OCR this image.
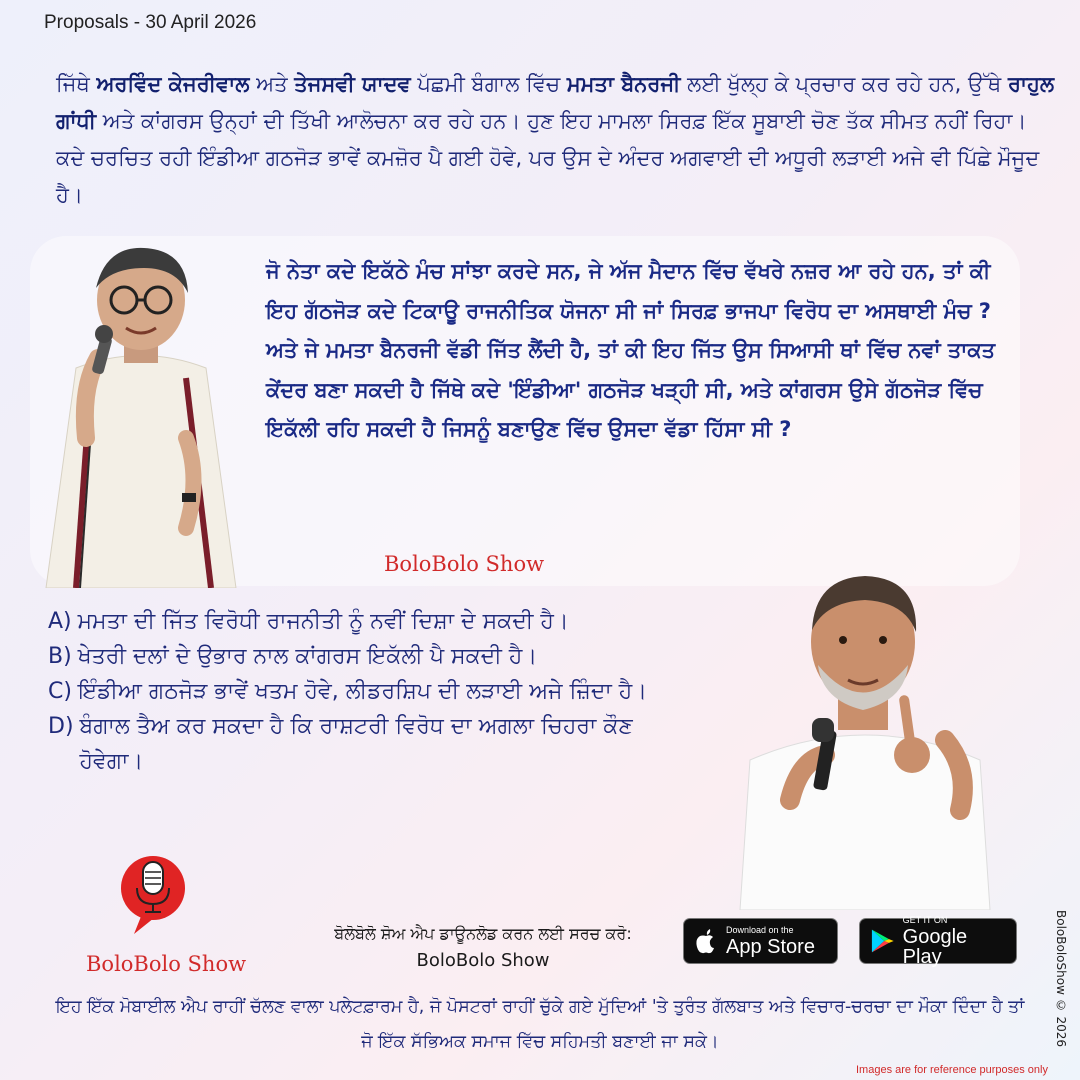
Proposals - 30 April 2026

ਜਿੱਥੇ ਅਰਵਿੰਦ ਕੇਜਰੀਵਾਲ ਅਤੇ ਤੇਜਸਵੀ ਯਾਦਵ ਪੱਛਮੀ ਬੰਗਾਲ ਵਿੱਚ ਮਮਤਾ ਬੈਨਰਜੀ ਲਈ ਖੁੱਲ੍ਹ ਕੇ ਪ੍ਰਚਾਰ ਕਰ ਰਹੇ ਹਨ, ਉੱਥੇ ਰਾਹੁਲ ਗਾਂਧੀ ਅਤੇ ਕਾਂਗਰਸ ਉਨ੍ਹਾਂ ਦੀ ਤਿੱਖੀ ਆਲੋਚਨਾ ਕਰ ਰਹੇ ਹਨ। ਹੁਣ ਇਹ ਮਾਮਲਾ ਸਿਰਫ਼ ਇੱਕ ਸੂਬਾਈ ਚੋਣ ਤੱਕ ਸੀਮਤ ਨਹੀਂ ਰਿਹਾ। ਕਦੇ ਚਰਚਿਤ ਰਹੀ ਇੰਡੀਆ ਗਠਜੋੜ ਭਾਵੇਂ ਕਮਜ਼ੋਰ ਪੈ ਗਈ ਹੋਵੇ, ਪਰ ਉਸ ਦੇ ਅੰਦਰ ਅਗਵਾਈ ਦੀ ਅਧੂਰੀ ਲੜਾਈ ਅਜੇ ਵੀ ਪਿੱਛੇ ਮੌਜੂਦ ਹੈ।

ਜੋ ਨੇਤਾ ਕਦੇ ਇਕੱਠੇ ਮੰਚ ਸਾਂਝਾ ਕਰਦੇ ਸਨ, ਜੇ ਅੱਜ ਮੈਦਾਨ ਵਿੱਚ ਵੱਖਰੇ ਨਜ਼ਰ ਆ ਰਹੇ ਹਨ, ਤਾਂ ਕੀ ਇਹ ਗੱਠਜੋੜ ਕਦੇ ਟਿਕਾਊ ਰਾਜਨੀਤਿਕ ਯੋਜਨਾ ਸੀ ਜਾਂ ਸਿਰਫ਼ ਭਾਜਪਾ ਵਿਰੋਧ ਦਾ ਅਸਥਾਈ ਮੰਚ ?
ਅਤੇ ਜੇ ਮਮਤਾ ਬੈਨਰਜੀ ਵੱਡੀ ਜਿੱਤ ਲੈਂਦੀ ਹੈ, ਤਾਂ ਕੀ ਇਹ ਜਿੱਤ ਉਸ ਸਿਆਸੀ ਥਾਂ ਵਿੱਚ ਨਵਾਂ ਤਾਕਤ ਕੇਂਦਰ ਬਣਾ ਸਕਦੀ ਹੈ ਜਿੱਥੇ ਕਦੇ 'ਇੰਡੀਆ' ਗਠਜੋੜ ਖੜ੍ਹੀ ਸੀ, ਅਤੇ ਕਾਂਗਰਸ ਉਸੇ ਗੱਠਜੋੜ ਵਿੱਚ ਇਕੱਲੀ ਰਹਿ ਸਕਦੀ ਹੈ ਜਿਸਨੂੰ ਬਣਾਉਣ ਵਿੱਚ ਉਸਦਾ ਵੱਡਾ ਹਿੱਸਾ ਸੀ ?

BoloBolo Show
A) ਮਮਤਾ ਦੀ ਜਿੱਤ ਵਿਰੋਧੀ ਰਾਜਨੀਤੀ ਨੂੰ ਨਵੀਂ ਦਿਸ਼ਾ ਦੇ ਸਕਦੀ ਹੈ।
B) ਖੇਤਰੀ ਦਲਾਂ ਦੇ ਉਭਾਰ ਨਾਲ ਕਾਂਗਰਸ ਇਕੱਲੀ ਪੈ ਸਕਦੀ ਹੈ।
C) ਇੰਡੀਆ ਗਠਜੋੜ ਭਾਵੇਂ ਖਤਮ ਹੋਵੇ, ਲੀਡਰਸ਼ਿਪ ਦੀ ਲੜਾਈ ਅਜੇ ਜ਼ਿੰਦਾ ਹੈ।
D) ਬੰਗਾਲ ਤੈਅ ਕਰ ਸਕਦਾ ਹੈ ਕਿ ਰਾਸ਼ਟਰੀ ਵਿਰੋਧ ਦਾ ਅਗਲਾ ਚਿਹਰਾ ਕੌਣ ਹੋਵੇਗਾ।
BoloBolo Show
ਬੋਲੋਬੋਲੋ ਸ਼ੋਅ ਐਪ ਡਾਊਨਲੋਡ ਕਰਨ ਲਈ ਸਰਚ ਕਰੋ:
BoloBolo Show
Download on the
App Store
GET IT ON
Google Play

ਇਹ ਇੱਕ ਮੋਬਾਈਲ ਐਪ ਰਾਹੀਂ ਚੱਲਣ ਵਾਲਾ ਪਲੇਟਫ਼ਾਰਮ ਹੈ, ਜੋ ਪੋਸਟਰਾਂ ਰਾਹੀਂ ਚੁੱਕੇ ਗਏ ਮੁੱਦਿਆਂ 'ਤੇ ਤੁਰੰਤ ਗੱਲਬਾਤ ਅਤੇ ਵਿਚਾਰ-ਚਰਚਾ ਦਾ ਮੌਕਾ ਦਿੰਦਾ ਹੈ ਤਾਂ ਜੋ ਇੱਕ ਸੱਭਿਅਕ ਸਮਾਜ ਵਿੱਚ ਸਹਿਮਤੀ ਬਣਾਈ ਜਾ ਸਕੇ।	BoloBoloShow © 2026
Images are for reference purposes only
